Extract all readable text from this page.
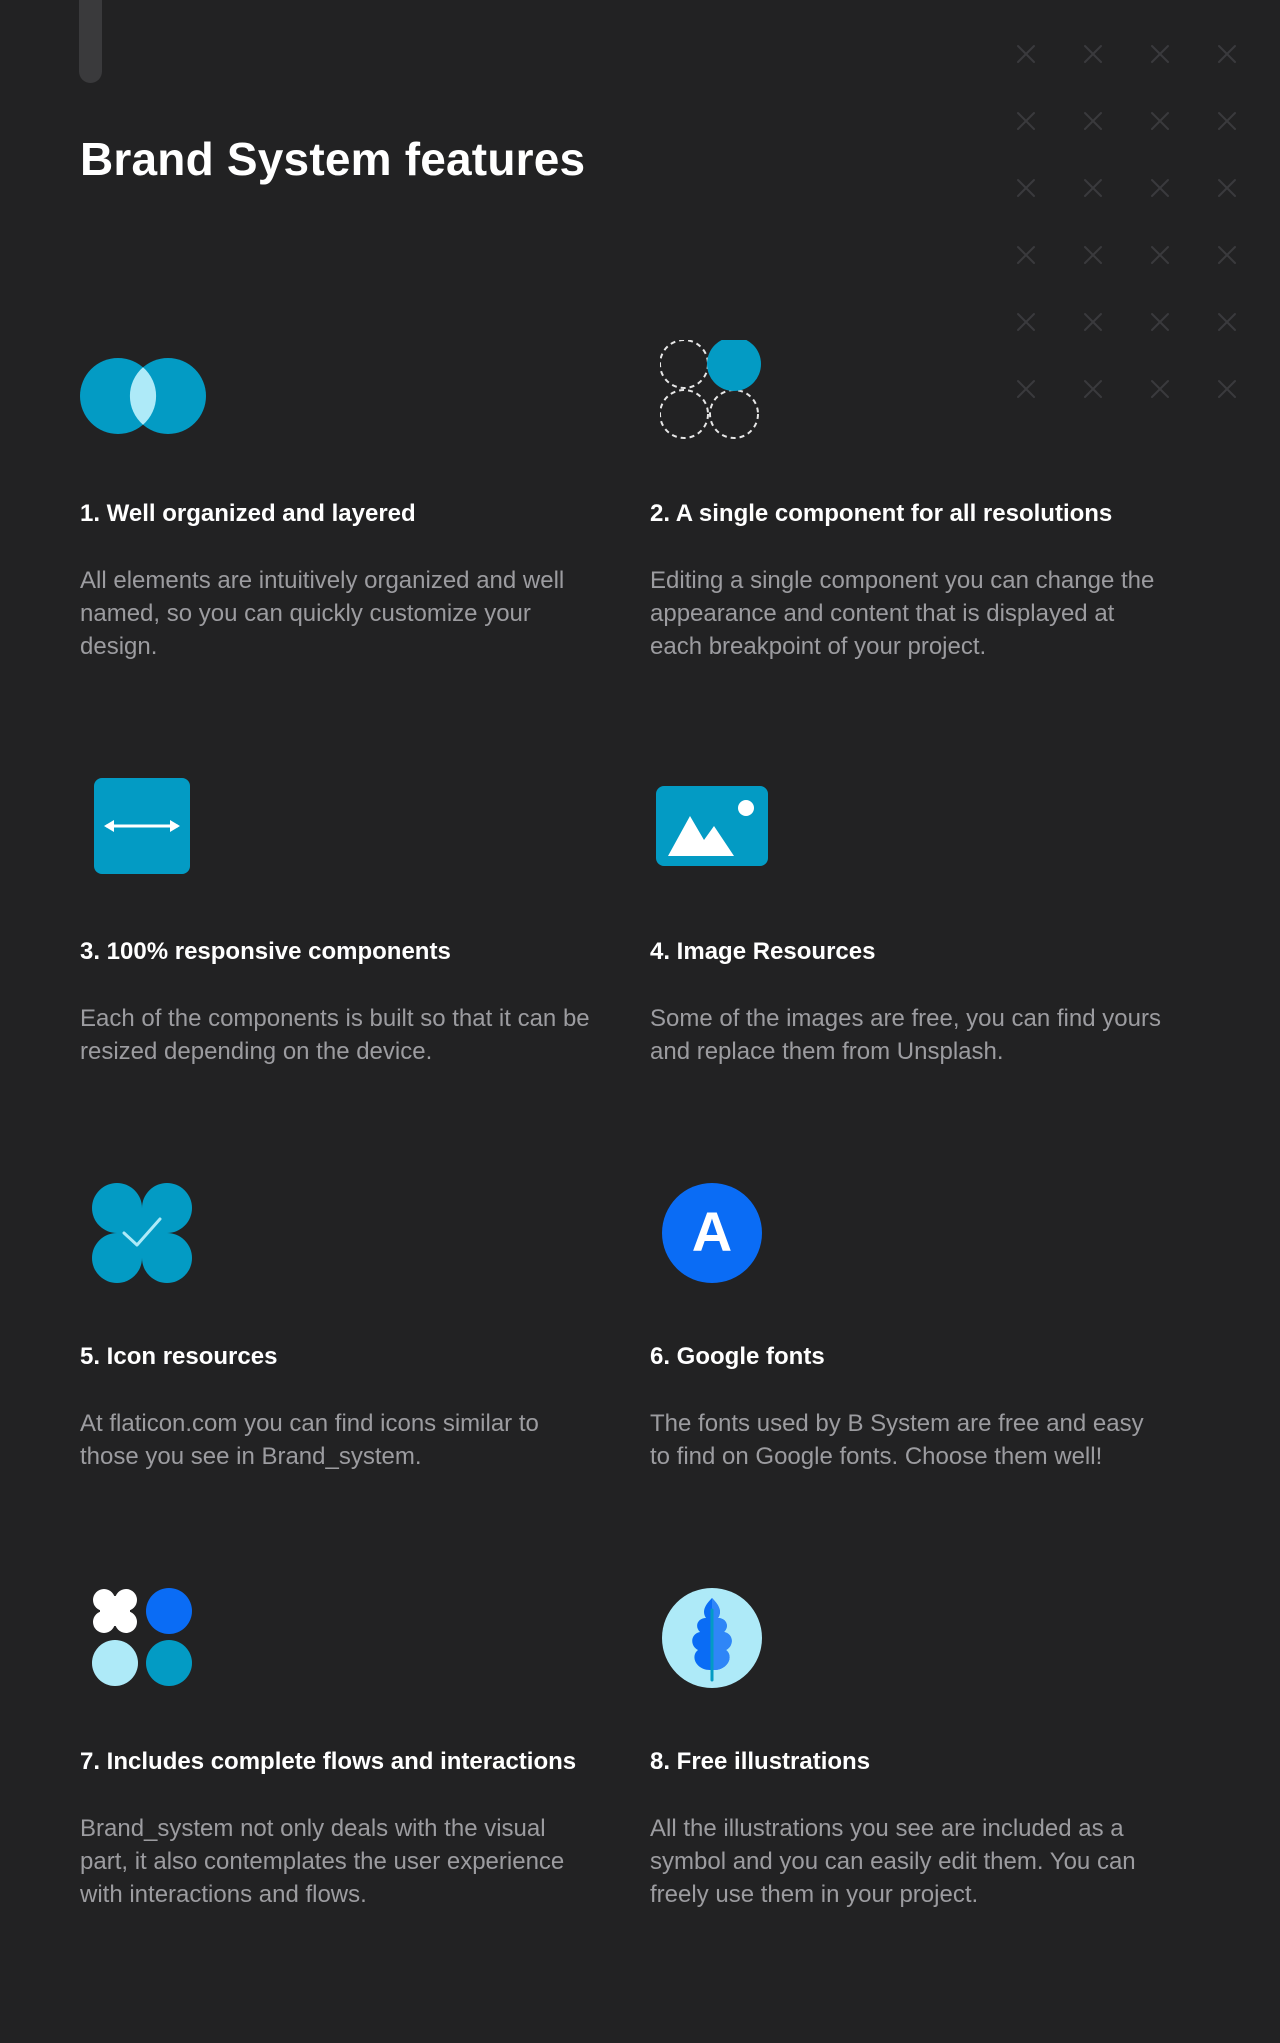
Brand System features
1. Well organized and layered

All elements are intuitively organized and well named, so you can quickly customize your design.

2. A single component for all resolutions

Editing a single component you can change the appearance and content that is displayed at each breakpoint of your project.

3. 100% responsive components

Each of the components is built so that it can be resized depending on the device.

4. Image Resources

Some of the images are free, you can find yours and replace them from Unsplash.

5. Icon resources

At flaticon.com you can find icons similar to those you see in Brand_system.

A
6. Google fonts

The fonts used by B System are free and easy to find on Google fonts. Choose them well!

7. Includes complete flows and interactions

Brand_system not only deals with the visual part, it also contemplates the user experience with interactions and flows.

8. Free illustrations

All the illustrations you see are included as a symbol and you can easily edit them. You can freely use them in your project.
